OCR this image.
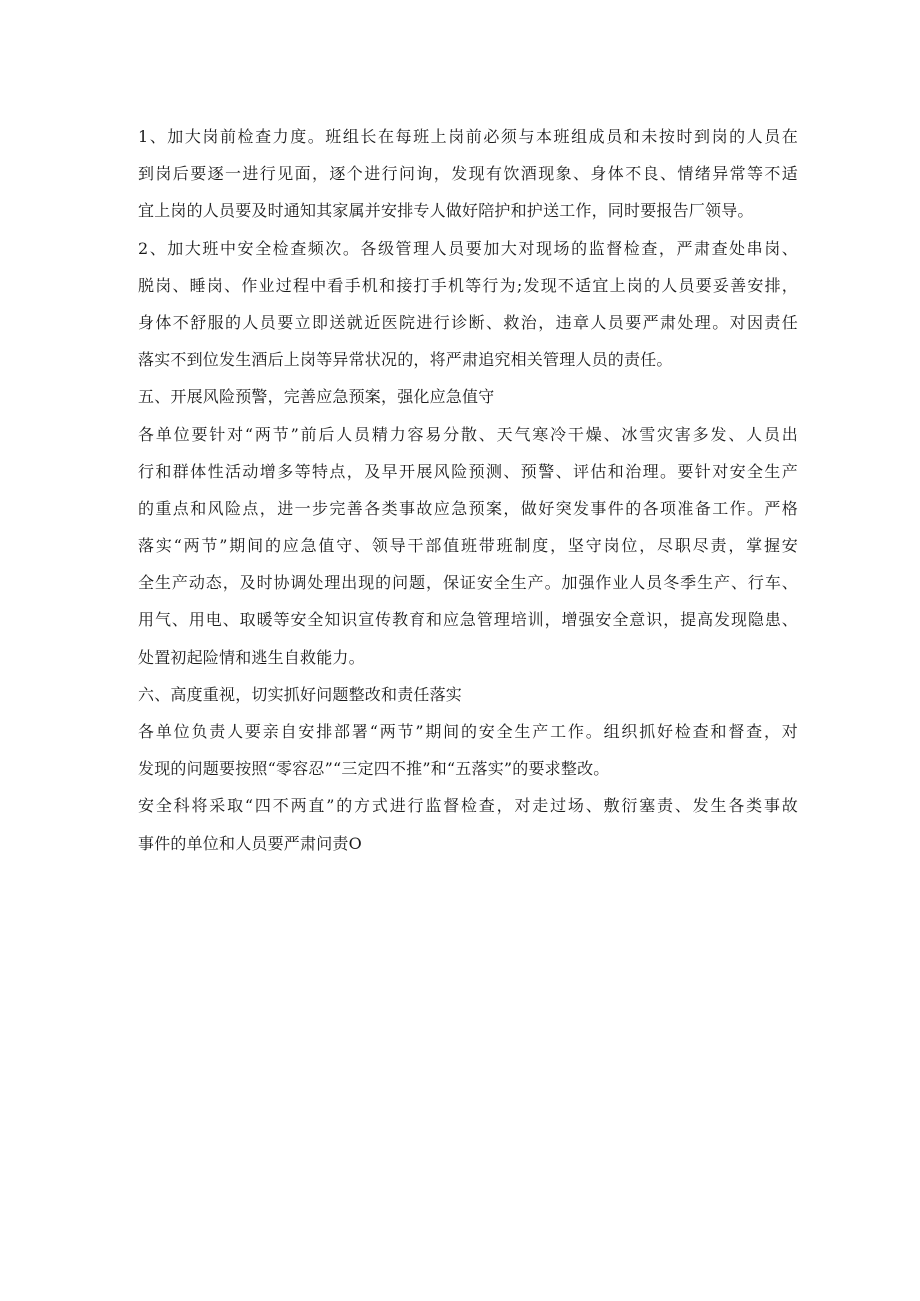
1、加大岗前检查力度。班组长在每班上岗前必须与本班组成员和未按时到岗的人员在
到岗后要逐一进行见面，逐个进行问询，发现有饮酒现象、身体不良、情绪异常等不适
宜上岗的人员要及时通知其家属并安排专人做好陪护和护送工作，同时要报告厂领导。
2、加大班中安全检查频次。各级管理人员要加大对现场的监督检查，严肃查处串岗、
脱岗、睡岗、作业过程中看手机和接打手机等行为;发现不适宜上岗的人员要妥善安排，
身体不舒服的人员要立即送就近医院进行诊断、救治，违章人员要严肃处理。对因责任
落实不到位发生酒后上岗等异常状况的，将严肃追究相关管理人员的责任。
五、开展风险预警，完善应急预案，强化应急值守
各单位要针对“两节”前后人员精力容易分散、天气寒冷干燥、冰雪灾害多发、人员出
行和群体性活动增多等特点，及早开展风险预测、预警、评估和治理。要针对安全生产
的重点和风险点，进一步完善各类事故应急预案，做好突发事件的各项准备工作。严格
落实“两节”期间的应急值守、领导干部值班带班制度，坚守岗位，尽职尽责，掌握安
全生产动态，及时协调处理出现的问题，保证安全生产。加强作业人员冬季生产、行车、
用气、用电、取暖等安全知识宣传教育和应急管理培训，增强安全意识，提高发现隐患、
处置初起险情和逃生自救能力。
六、高度重视，切实抓好问题整改和责任落实
各单位负责人要亲自安排部署“两节”期间的安全生产工作。组织抓好检查和督查，对
发现的问题要按照“零容忍”“三定四不推”和“五落实”的要求整改。
安全科将采取“四不两直”的方式进行监督检查，对走过场、敷衍塞责、发生各类事故
事件的单位和人员要严肃问责O
